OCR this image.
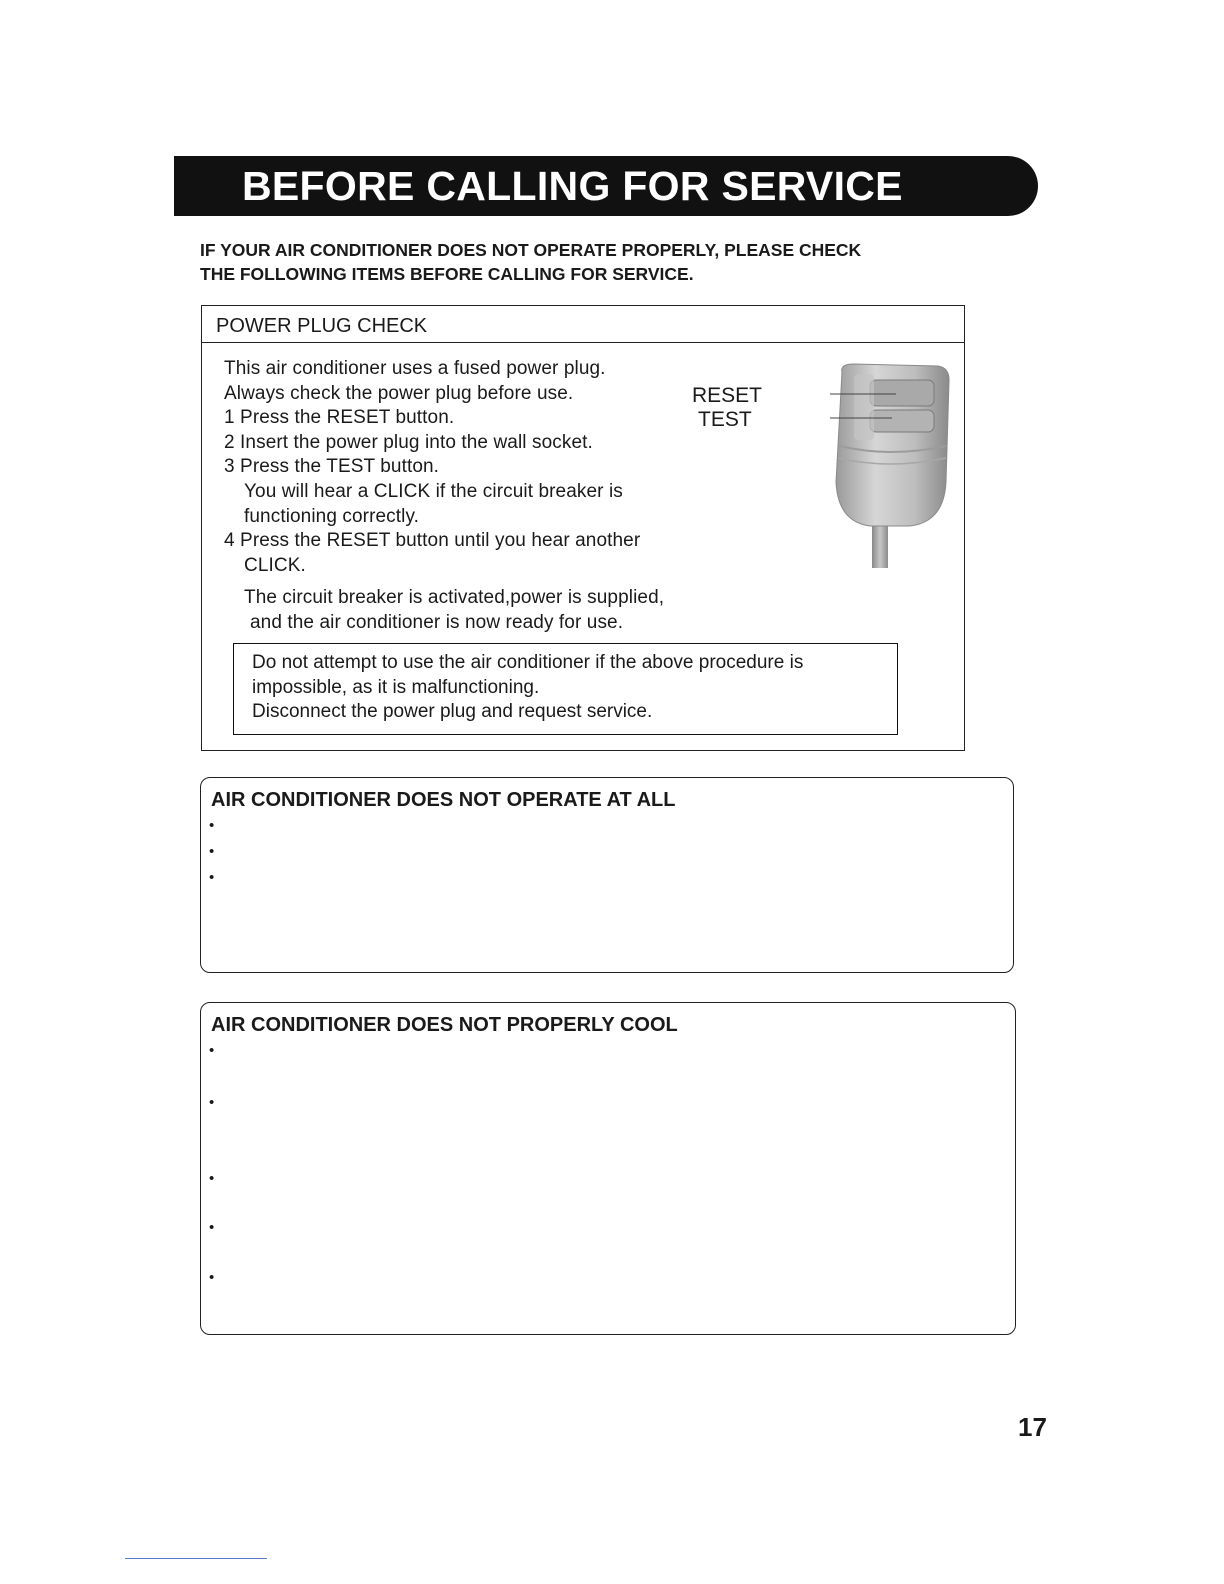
BEFORE CALLING FOR SERVICE
IF YOUR AIR CONDITIONER DOES NOT OPERATE PROPERLY, PLEASE CHECK
THE FOLLOWING ITEMS BEFORE CALLING FOR SERVICE.
POWER PLUG CHECK
This air conditioner uses a fused power plug.
Always check the power plug before use.
1 Press the RESET button.
2 Insert the power plug into the wall socket.
3 Press the TEST button.
You will hear a CLICK if the circuit breaker is
functioning correctly.
4 Press the RESET button until you hear another
CLICK.
The circuit breaker is activated,power is supplied,
and the air conditioner is now ready for use.
RESET
TEST
Do not attempt to use the air conditioner if the above procedure is
impossible, as it is malfunctioning.
Disconnect the power plug and request service.
AIR CONDITIONER DOES NOT OPERATE AT ALL
•
•
•
AIR CONDITIONER DOES NOT PROPERLY COOL
•
•
•
•
•
17
